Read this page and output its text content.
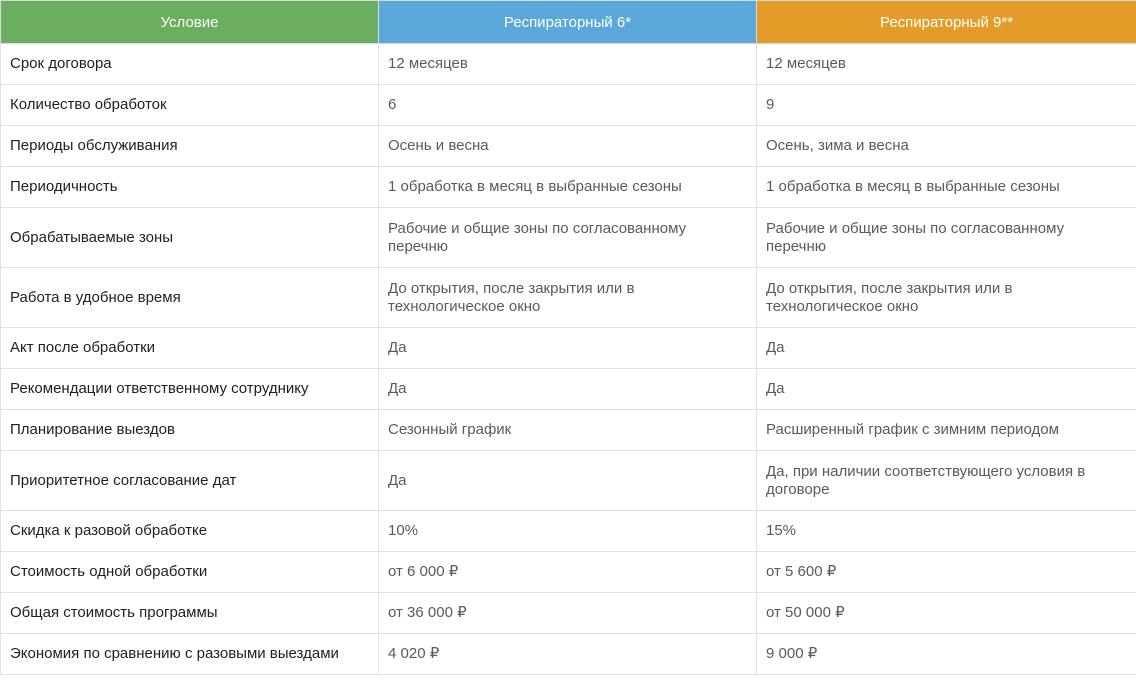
Условие	Респираторный 6*	Респираторный 9**
Срок договора	12 месяцев	12 месяцев
Количество обработок	6	9
Периоды обслуживания	Осень и весна	Осень, зима и весна
Периодичность	1 обработка в месяц в выбранные сезоны	1 обработка в месяц в выбранные сезоны
Обрабатываемые зоны	Рабочие и общие зоны по согласованному перечню	Рабочие и общие зоны по согласованному перечню
Работа в удобное время	До открытия, после закрытия или в технологическое окно	До открытия, после закрытия или в технологическое окно
Акт после обработки	Да	Да
Рекомендации ответственному сотруднику	Да	Да
Планирование выездов	Сезонный график	Расширенный график с зимним периодом
Приоритетное согласование дат	Да	Да, при наличии соответствующего условия в договоре
Скидка к разовой обработке	10%	15%
Стоимость одной обработки	от 6 000 ₽	от 5 600 ₽
Общая стоимость программы	от 36 000 ₽	от 50 000 ₽
Экономия по сравнению с разовыми выездами	4 020 ₽	9 000 ₽
